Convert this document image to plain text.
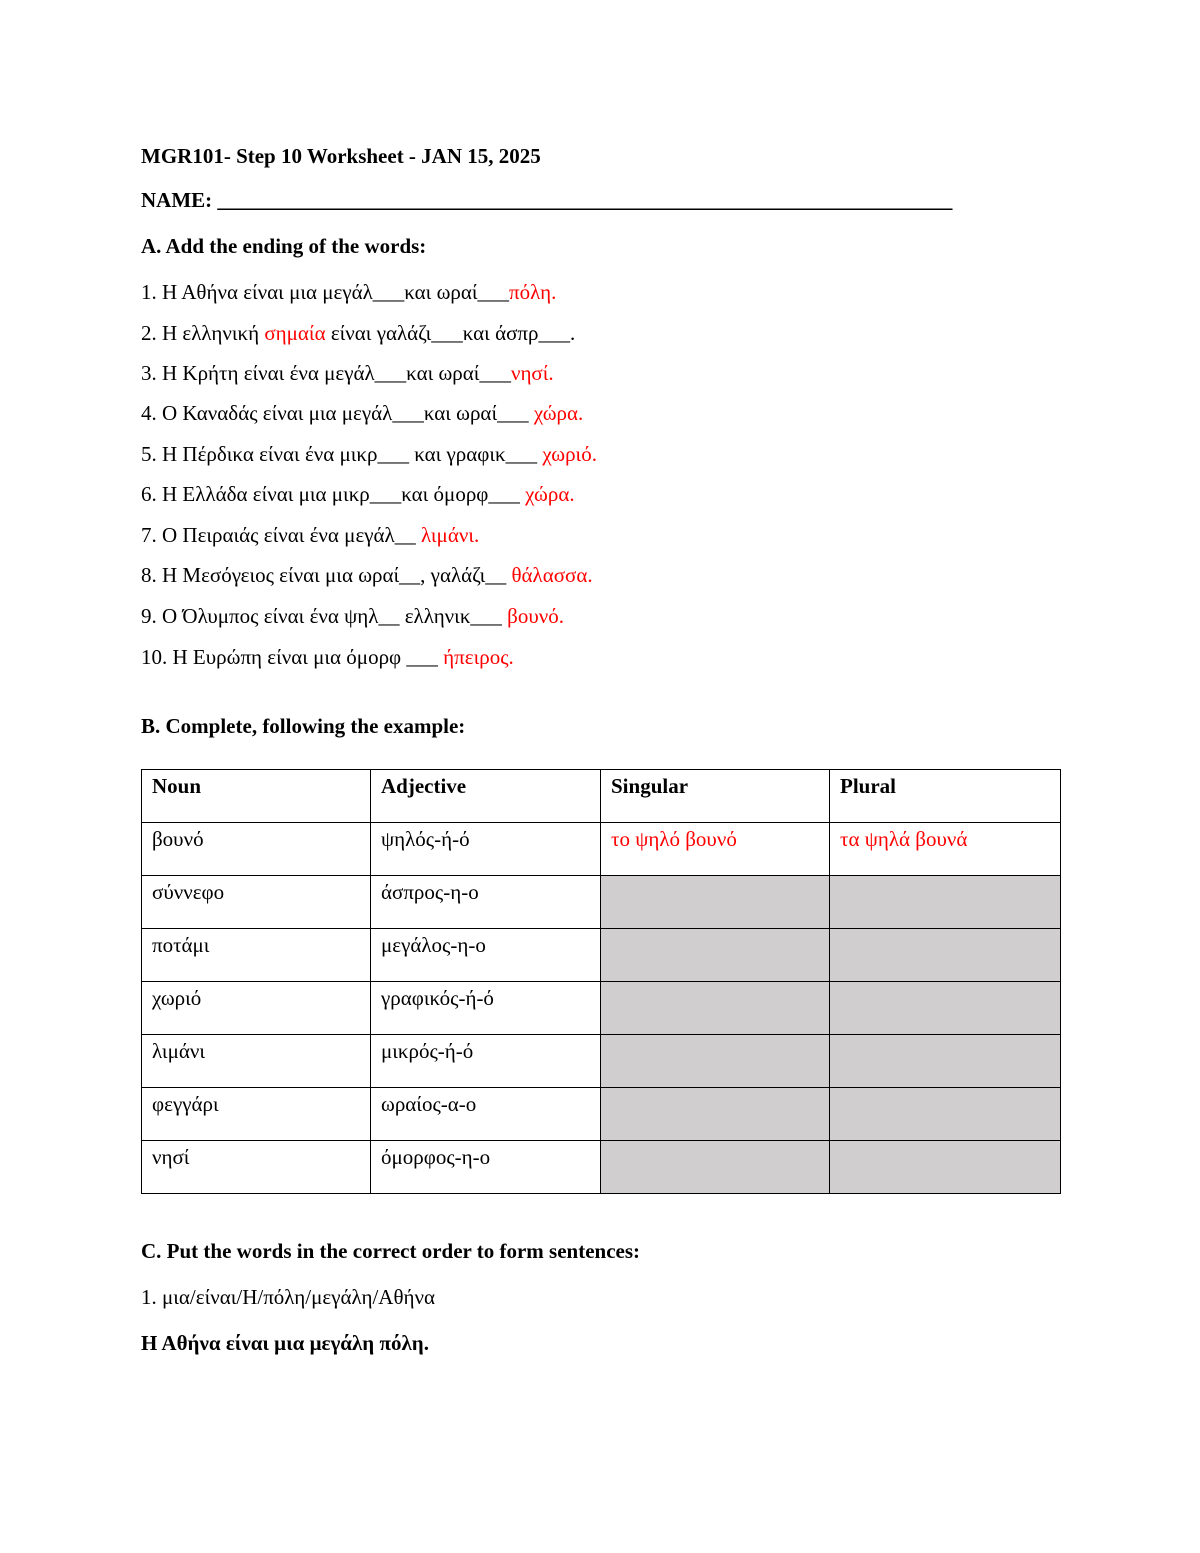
MGR101- Step 10 Worksheet - JAN 15, 2025
NAME: ______________________________________________________________________
A. Add the ending of the words:
1. Η Αθήνα είναι μια μεγάλ___και ωραί___πόλη.
2. Η ελληνική σημαία είναι γαλάζι___και άσπρ___.
3. Η Κρήτη είναι ένα μεγάλ___και ωραί___νησί.
4. Ο Καναδάς είναι μια μεγάλ___και ωραί___ χώρα.
5. Η Πέρδικα είναι ένα μικρ___ και γραφικ___ χωριό.
6. Η Ελλάδα είναι μια μικρ___και όμορφ___ χώρα.
7. Ο Πειραιάς είναι ένα μεγάλ__ λιμάνι.
8. Η Μεσόγειος είναι μια ωραί__, γαλάζι__ θάλασσα.
9. Ο Όλυμπος είναι ένα ψηλ__ ελληνικ___ βουνό.
10. Η Ευρώπη είναι μια όμορφ ___ ήπειρος.
B. Complete, following the example:
Noun	Adjective	Singular	Plural
βουνό	ψηλός-ή-ό	το ψηλό βουνό	τα ψηλά βουνά
σύννεφο	άσπρος-η-ο		
ποτάμι	μεγάλος-η-ο		
χωριό	γραφικός-ή-ό		
λιμάνι	μικρός-ή-ό		
φεγγάρι	ωραίος-α-ο		
νησί	όμορφος-η-ο		
C. Put the words in the correct order to form sentences:
1. μια/είναι/Η/πόλη/μεγάλη/Αθήνα
Η Αθήνα είναι μια μεγάλη πόλη.
